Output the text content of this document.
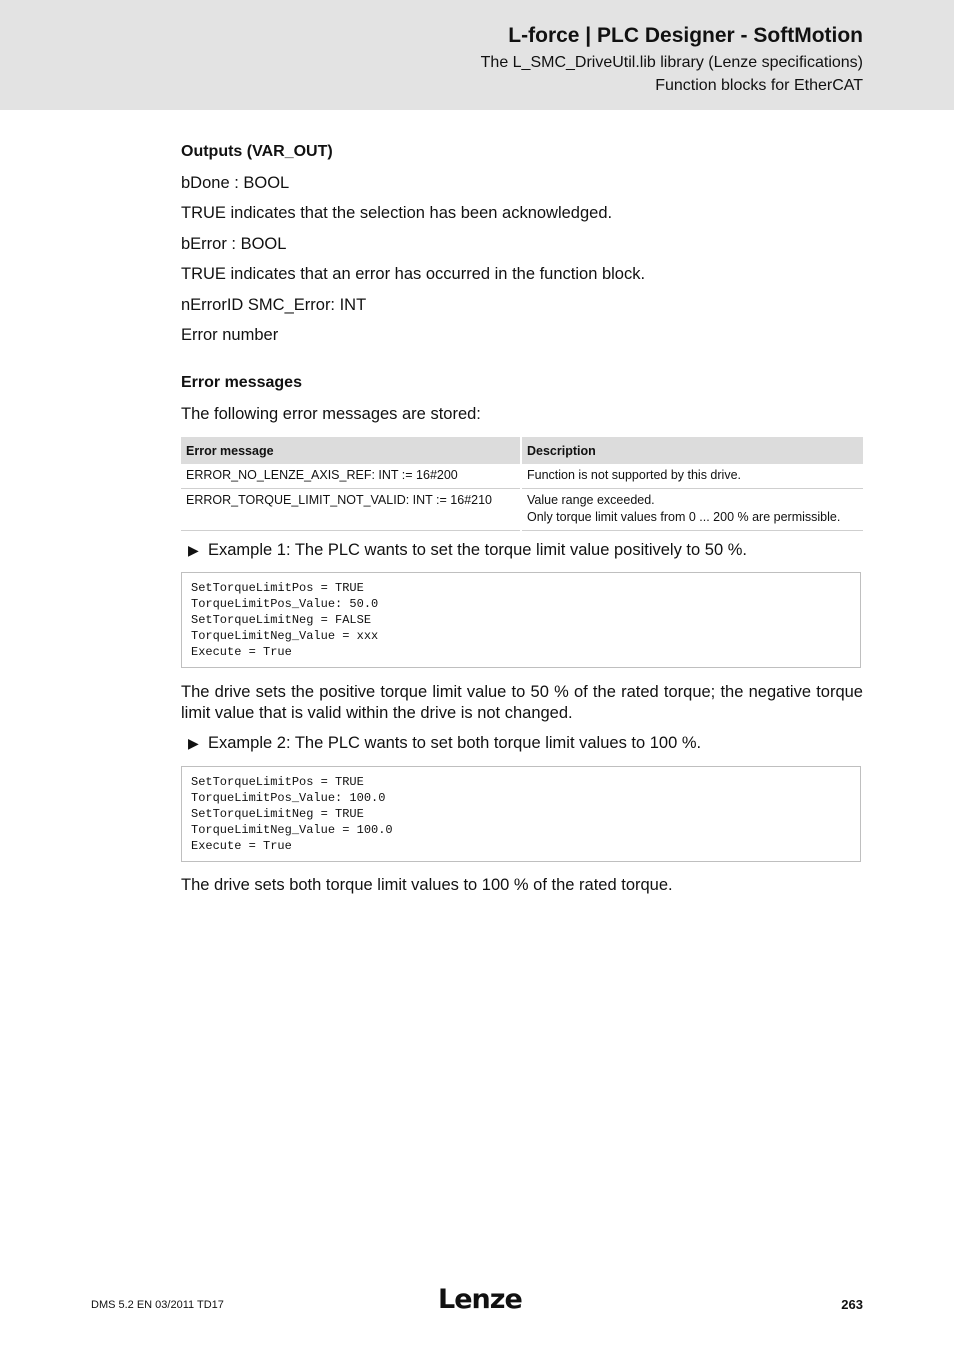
L-force | PLC Designer - SoftMotion
The L_SMC_DriveUtil.lib library (Lenze specifications)
Function blocks for EtherCAT
Outputs (VAR_OUT)
bDone : BOOL
TRUE indicates that the selection has been acknowledged.
bError : BOOL
TRUE indicates that an error has occurred in the function block.
nErrorID SMC_Error: INT
Error number
Error messages
The following error messages are stored:
Error message	Description
ERROR_NO_LENZE_AXIS_REF: INT := 16#200	Function is not supported by this drive.
ERROR_TORQUE_LIMIT_NOT_VALID: INT := 16#210	Value range exceeded.
Only torque limit values from 0 ... 200 % are permissible.
▶ Example 1: The PLC wants to set the torque limit value positively to 50 %.
SetTorqueLimitPos = TRUE
TorqueLimitPos_Value: 50.0
SetTorqueLimitNeg = FALSE
TorqueLimitNeg_Value = xxx
Execute = True
The drive sets the positive torque limit value to 50 % of the rated torque; the negative torque limit value that is valid within the drive is not changed.
▶ Example 2: The PLC wants to set both torque limit values to 100 %.
SetTorqueLimitPos = TRUE
TorqueLimitPos_Value: 100.0
SetTorqueLimitNeg = TRUE
TorqueLimitNeg_Value = 100.0
Execute = True
The drive sets both torque limit values to 100 % of the rated torque.
DMS 5.2 EN 03/2011 TD17	Lenze	263
